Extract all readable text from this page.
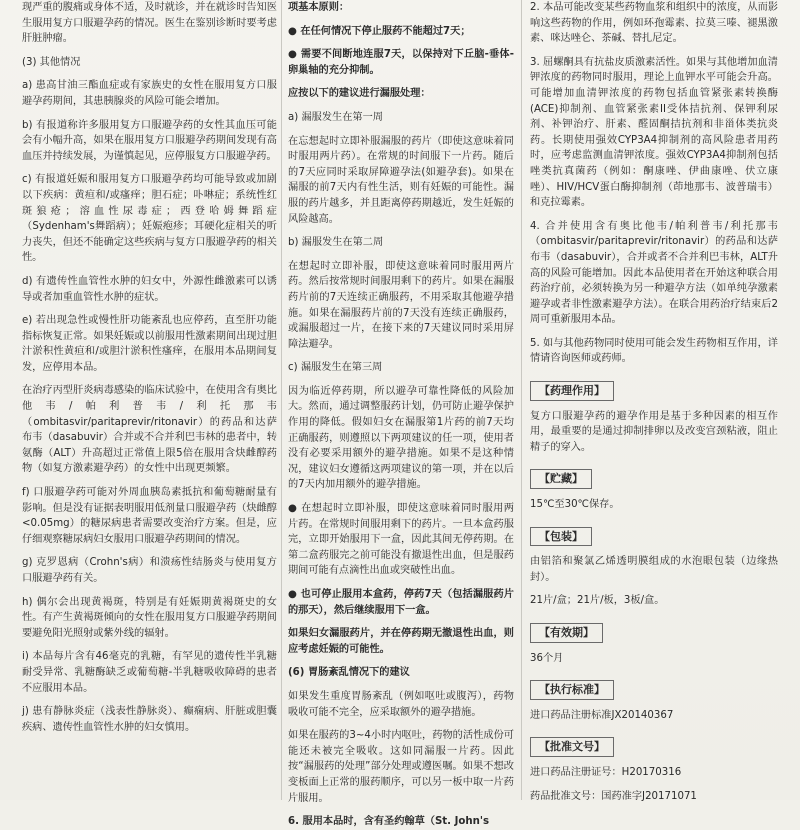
现严重的腹痛或身体不适，及时就诊，并在就诊时告知医生服用复方口服避孕药的情况。医生在鉴别诊断时要考虑肝脏肿瘤。

(3) 其他情况

a) 患高甘油三酯血症或有家族史的女性在服用复方口服避孕药期间，其患胰腺炎的风险可能会增加。

b) 有报道称许多服用复方口服避孕药的女性其血压可能会有小幅升高，如果在服用复方口服避孕药期间发现有高血压并持续发展，为谨慎起见，应停服复方口服避孕药。

c) 有报道妊娠和服用复方口服避孕药均可能导致或加剧以下疾病：黄疸和/或瘙痒；胆石症；卟啉症；系统性红斑狼疮；溶血性尿毒症；西登哈姆舞蹈症（Sydenham's舞蹈病）；妊娠疱疹；耳硬化症相关的听力丧失，但还不能确定这些疾病与复方口服避孕药的相关性。

d) 有遗传性血管性水肿的妇女中，外源性雌激素可以诱导或者加重血管性水肿的症状。

e) 若出现急性或慢性肝功能紊乱也应停药，直至肝功能指标恢复正常。如果妊娠或以前服用性激素期间出现过胆汁淤积性黄疸和/或胆汁淤积性瘙痒，在服用本品期间复发，应停用本品。

在治疗丙型肝炎病毒感染的临床试验中，在使用含有奥比他韦/帕利普韦/利托那韦（ombitasvir/paritaprevir/ritonavir）的药品和达萨布韦（dasabuvir）合并或不合并利巴韦林的患者中，转氨酶（ALT）升高超过正常值上限5倍在服用含炔雌醇药物（如复方激素避孕药）的女性中出现更频繁。

f) 口服避孕药可能对外周血胰岛素抵抗和葡萄糖耐量有影响。但是没有证据表明服用低剂量口服避孕药（炔雌醇<0.05mg）的糖尿病患者需要改变治疗方案。但是，应仔细观察糖尿病妇女服用口服避孕药期间的情况。

g) 克罗恩病（Crohn's病）和溃疡性结肠炎与使用复方口服避孕药有关。

h) 偶尔会出现黄褐斑，特别是有妊娠期黄褐斑史的女性。有产生黄褐斑倾向的女性在服用复方口服避孕药期间要避免阳光照射或紫外线的辐射。

i) 本品每片含有46毫克的乳糖，有罕见的遗传性半乳糖耐受异常、乳糖酶缺乏或葡萄糖-半乳糖吸收障碍的患者不应服用本品。

j) 患有静脉炎症（浅表性静脉炎）、癫痫病、肝脏或胆囊疾病、遗传性血管性水肿的妇女慎用。

项基本原则：

● 在任何情况下停止服药不能超过7天；

● 需要不间断地连服7天，以保持对下丘脑-垂体-卵巢轴的充分抑制。

应按以下的建议进行漏服处理：

a) 漏服发生在第一周

在忘想起时立即补服漏服的药片（即使这意味着同时服用两片药）。在常规的时间服下一片药。随后的7天应同时采取屏障避孕法(如避孕套)。如果在漏服的前7天内有性生活，则有妊娠的可能性。漏服的药片越多，并且距离停药期越近，发生妊娠的风险越高。

b) 漏服发生在第二周

在想起时立即补服，即使这意味着同时服用两片药。然后按常规时间服用剩下的药片。如果在漏服药片前的7天连续正确服药，不用采取其他避孕措施。如果在漏服药片前的7天没有连续正确服药，或漏服超过一片，在接下来的7天建议同时采用屏障法避孕。

c) 漏服发生在第三周

因为临近停药期，所以避孕可靠性降低的风险加大。然而，通过调整服药计划，仍可防止避孕保护作用的降低。假如妇女在漏服第1片药的前7天均正确服药，则遵照以下两项建议的任一项，使用者没有必要采用额外的避孕措施。如果不是这种情况，建议妇女遵循这两项建议的第一项，并在以后的7天内加用额外的避孕措施。

● 在想起时立即补服，即使这意味着同时服用两片药。在常规时间服用剩下的药片。一旦本盒药服完，立即开始服用下一盒，因此其间无停药期。在第二盒药服完之前可能没有撤退性出血，但是服药期间可能有点滴性出血或突破性出血。

● 也可停止服用本盒药，停药7天（包括漏服药片的那天），然后继续服用下一盒。

如果妇女漏服药片，并在停药期无撤退性出血，则应考虑妊娠的可能性。

(6) 胃肠紊乱情况下的建议

如果发生重度胃肠紊乱（例如呕吐或腹泻），药物吸收可能不完全，应采取额外的避孕措施。

如果在服药的3~4小时内呕吐，药物的活性成份可能还未被完全吸收。这如同漏服一片药。因此按“漏服药的处理”部分处理或遵医嘱。如果不想改变板面上正常的服药顺序，可以另一板中取一片药片服用。

6. 服用本品时，含有圣约翰草（St. John's

2. 本品可能改变某些药物血浆和组织中的浓度，从而影响这些药物的作用，例如环孢霉素、拉莫三嗪、褪黑激素、咪达唑仑、茶碱、替扎尼定。

3. 屈螺酮具有抗盐皮质激素活性。如果与其他增加血清钾浓度的药物同时服用，理论上血钾水平可能会升高。可能增加血清钾浓度的药物包括血管紧张素转换酶(ACE)抑制剂、血管紧张素II受体拮抗剂、保钾利尿剂、补钾治疗、肝素、醛固酮拮抗剂和非甾体类抗炎药。长期使用强效CYP3A4抑制剂的高风险患者用药时，应考虑监测血清钾浓度。强效CYP3A4抑制剂包括唑类抗真菌药（例如：酮康唑、伊曲康唑、伏立康唑）、HIV/HCV蛋白酶抑制剂（茚地那韦、波普瑞韦）和克拉霉素。

4. 合并使用含有奥比他韦/帕利普韦/利托那韦（ombitasvir/paritaprevir/ritonavir）的药品和达萨布韦（dasabuvir），合并或者不合并利巴韦林，ALT升高的风险可能增加。因此本品使用者在开始这种联合用药治疗前，必须转换为另一种避孕方法（如单纯孕激素避孕或者非性激素避孕方法）。在联合用药治疗结束后2周可重新服用本品。

5. 如与其他药物同时使用可能会发生药物相互作用，详情请咨询医师或药师。

【药理作用】

复方口服避孕药的避孕作用是基于多种因素的相互作用，最重要的是通过抑制排卵以及改变宫颈粘液，阻止精子的穿入。

【贮藏】

15℃至30℃保存。

【包装】

由铝箔和聚氯乙烯透明膜组成的水泡眼包装（边缘热封）。

21片/盒；21片/板，3板/盒。

【有效期】

36个月

【执行标准】

进口药品注册标准JX20140367

【批准文号】

进口药品注册证号：H20170316

药品批准文号：国药准字J20171071
